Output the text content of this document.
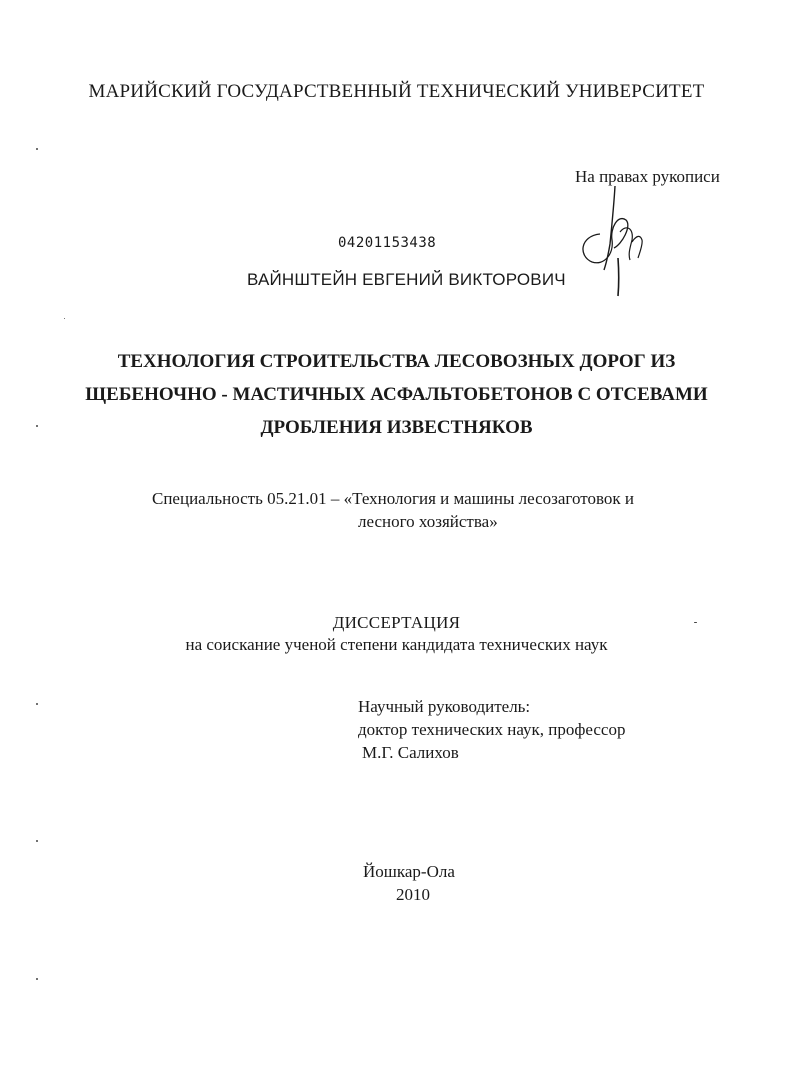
МАРИЙСКИЙ ГОСУДАРСТВЕННЫЙ ТЕХНИЧЕСКИЙ УНИВЕРСИТЕТ
На правах рукописи
04201153438
ВАЙНШТЕЙН ЕВГЕНИЙ ВИКТОРОВИЧ
ТЕХНОЛОГИЯ СТРОИТЕЛЬСТВА ЛЕСОВОЗНЫХ ДОРОГ ИЗ
ЩЕБЕНОЧНО - МАСТИЧНЫХ АСФАЛЬТОБЕТОНОВ С ОТСЕВАМИ
ДРОБЛЕНИЯ ИЗВЕСТНЯКОВ
Специальность 05.21.01 – «Технология и машины лесозаготовок и
лесного хозяйства»
ДИССЕРТАЦИЯ
на соискание ученой степени кандидата технических наук
Научный руководитель:
доктор технических наук, профессор
М.Г. Салихов
Йошкар-Ола
2010
